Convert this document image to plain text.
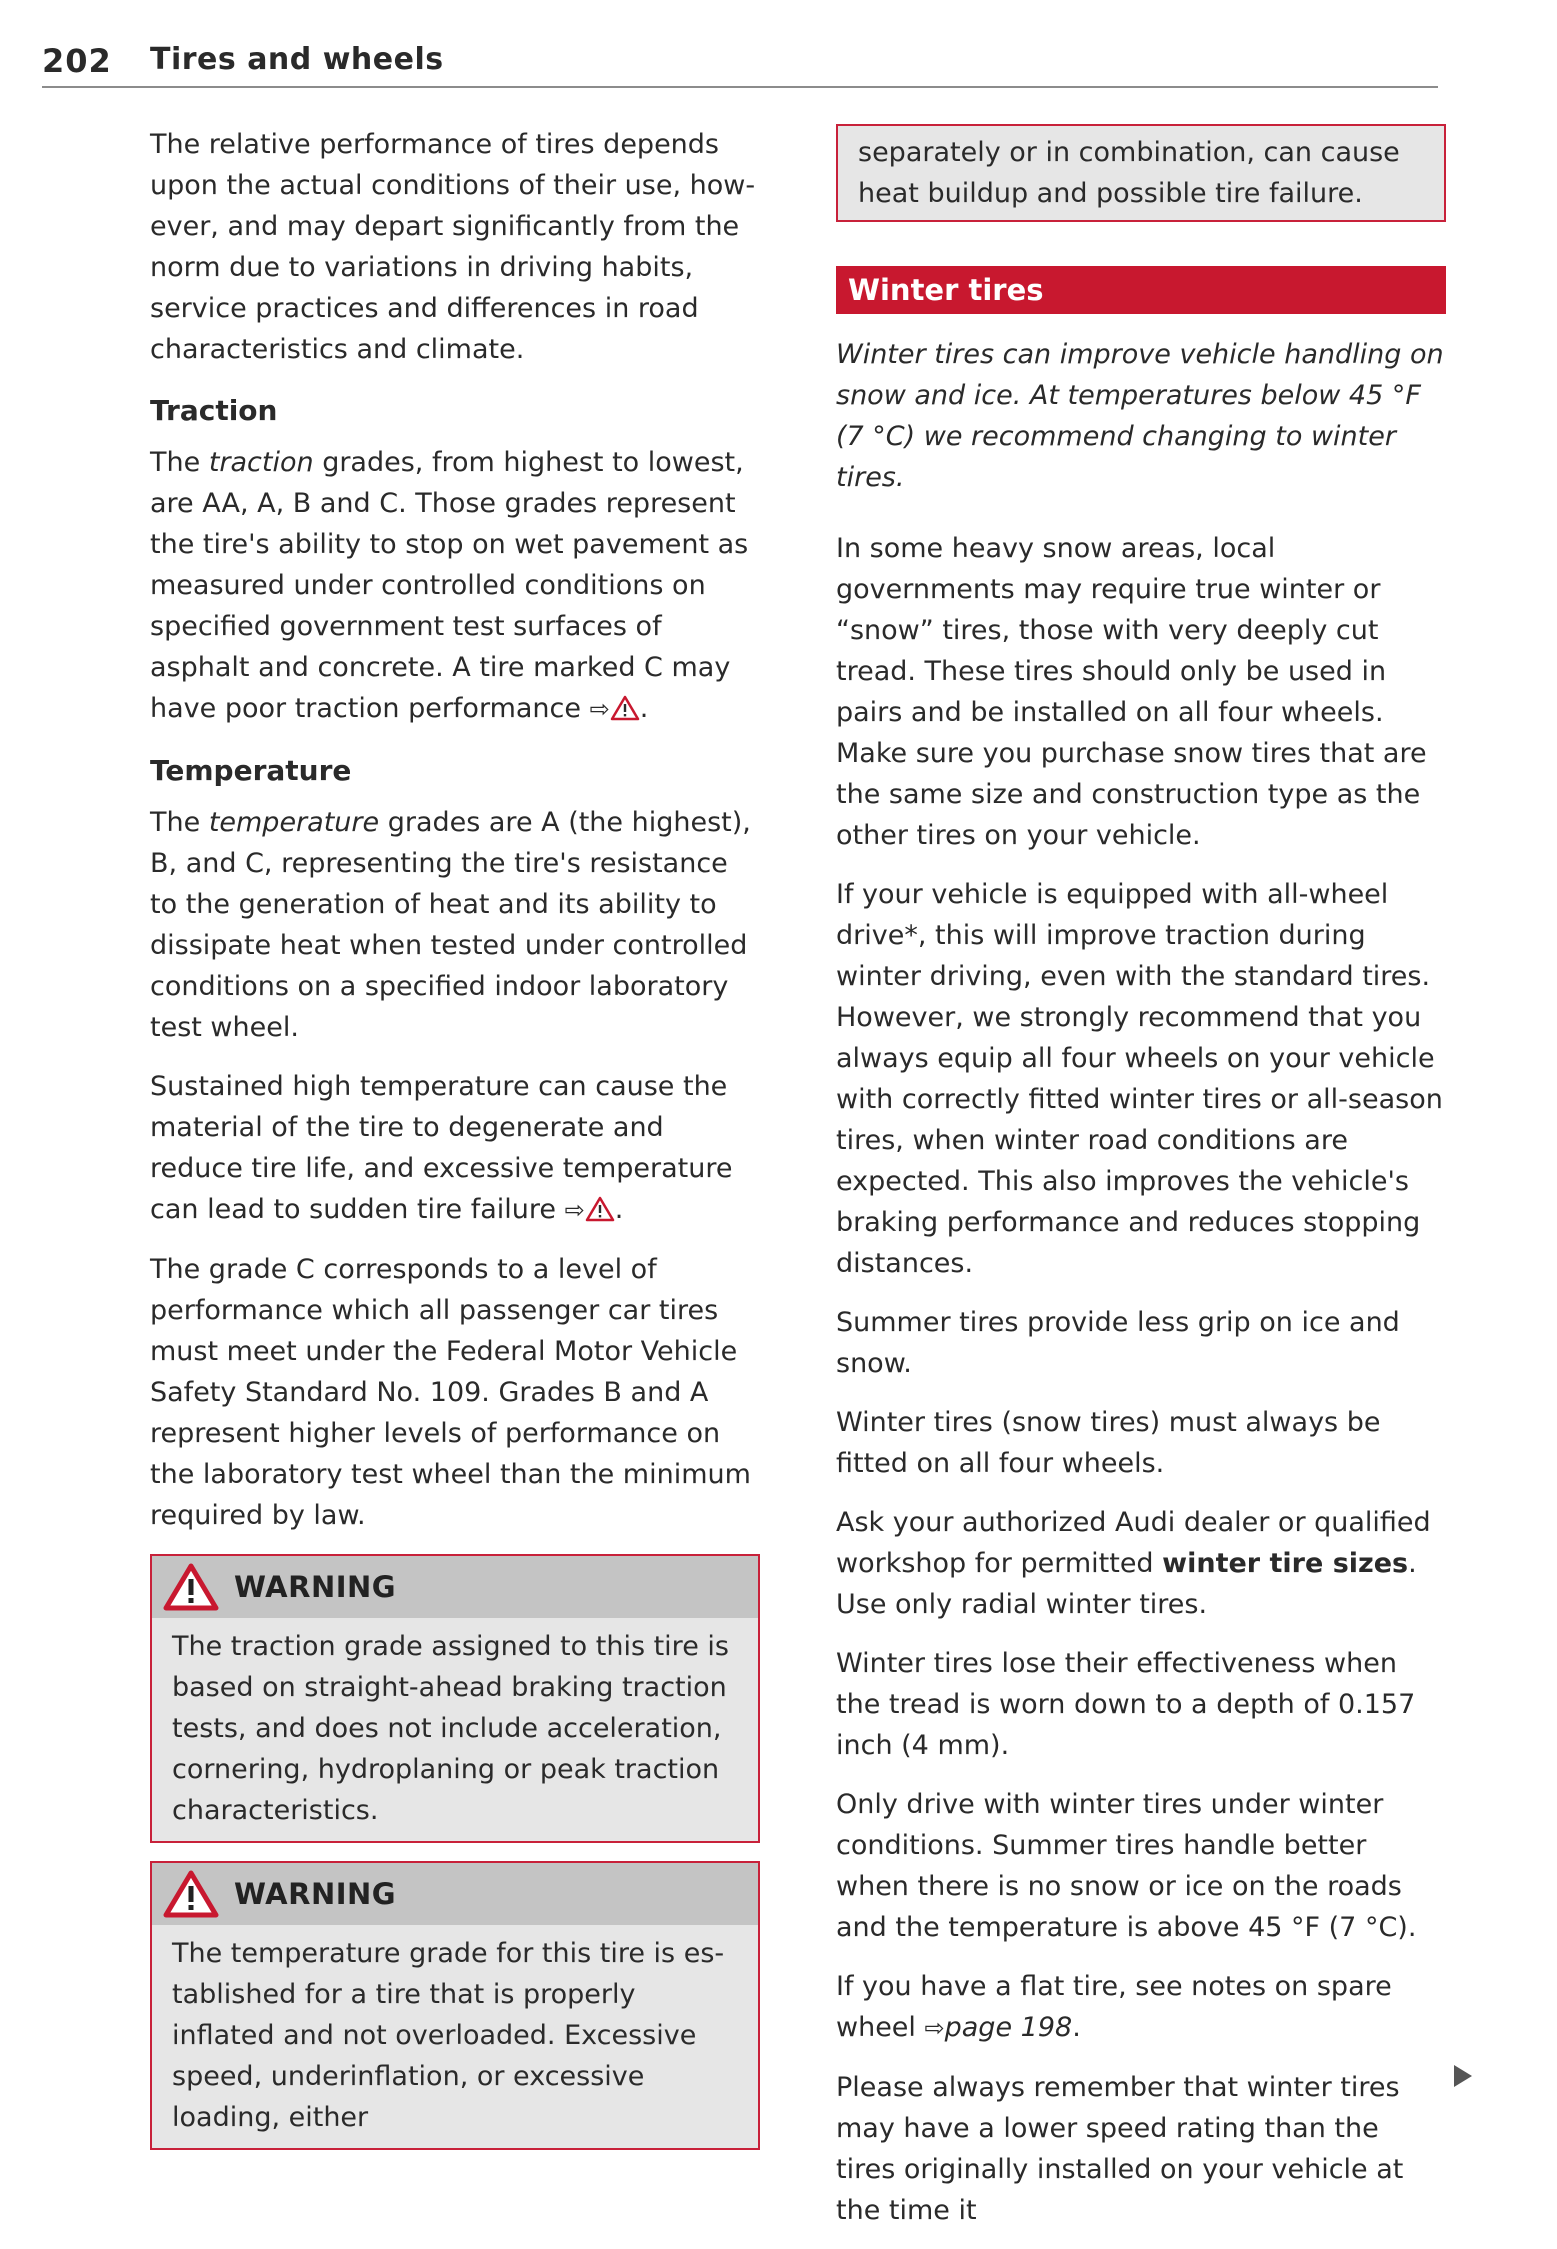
202 Tires and wheels

The relative performance of tires depends upon the actual conditions of their use, however, and may depart significantly from the norm due to variations in driving habits, service practices and differences in road characteristics and climate.

Traction

The traction grades, from highest to lowest, are AA, A, B and C. Those grades represent the tire's ability to stop on wet pavement as measured under controlled conditions on specified government test surfaces of asphalt and concrete. A tire marked C may have poor traction performance ⇨ .

Temperature

The temperature grades are A (the highest), B, and C, representing the tire's resistance to the generation of heat and its ability to dissipate heat when tested under controlled conditions on a specified indoor laboratory test wheel.

Sustained high temperature can cause the material of the tire to degenerate and reduce tire life, and excessive temperature can lead to sudden tire failure ⇨ .

The grade C corresponds to a level of performance which all passenger car tires must meet under the Federal Motor Vehicle Safety Standard No. 109. Grades B and A represent higher levels of performance on the laboratory test wheel than the minimum required by law.

WARNING

The traction grade assigned to this tire is based on straight-ahead braking traction tests, and does not include acceleration, cornering, hydroplaning or peak traction characteristics.

WARNING

The temperature grade for this tire is established for a tire that is properly inflated and not overloaded. Excessive speed, underinflation, or excessive loading, either

separately or in combination, can cause heat buildup and possible tire failure.

Winter tires

Winter tires can improve vehicle handling on snow and ice. At temperatures below 45 °F (7 °C) we recommend changing to winter tires.

In some heavy snow areas, local governments may require true winter or “snow” tires, those with very deeply cut tread. These tires should only be used in pairs and be installed on all four wheels. Make sure you purchase snow tires that are the same size and construction type as the other tires on your vehicle.

If your vehicle is equipped with all-wheel drive*, this will improve traction during winter driving, even with the standard tires. However, we strongly recommend that you always equip all four wheels on your vehicle with correctly fitted winter tires or all-season tires, when winter road conditions are expected. This also improves the vehicle's braking performance and reduces stopping distances.

Summer tires provide less grip on ice and snow.

Winter tires (snow tires) must always be fitted on all four wheels.

Ask your authorized Audi dealer or qualified workshop for permitted winter tire sizes. Use only radial winter tires.

Winter tires lose their effectiveness when the tread is worn down to a depth of 0.157 inch (4 mm).

Only drive with winter tires under winter conditions. Summer tires handle better when there is no snow or ice on the roads and the temperature is above 45 °F (7 °C).

If you have a flat tire, see notes on spare wheel ⇨page 198.

Please always remember that winter tires may have a lower speed rating than the tires originally installed on your vehicle at the time it
